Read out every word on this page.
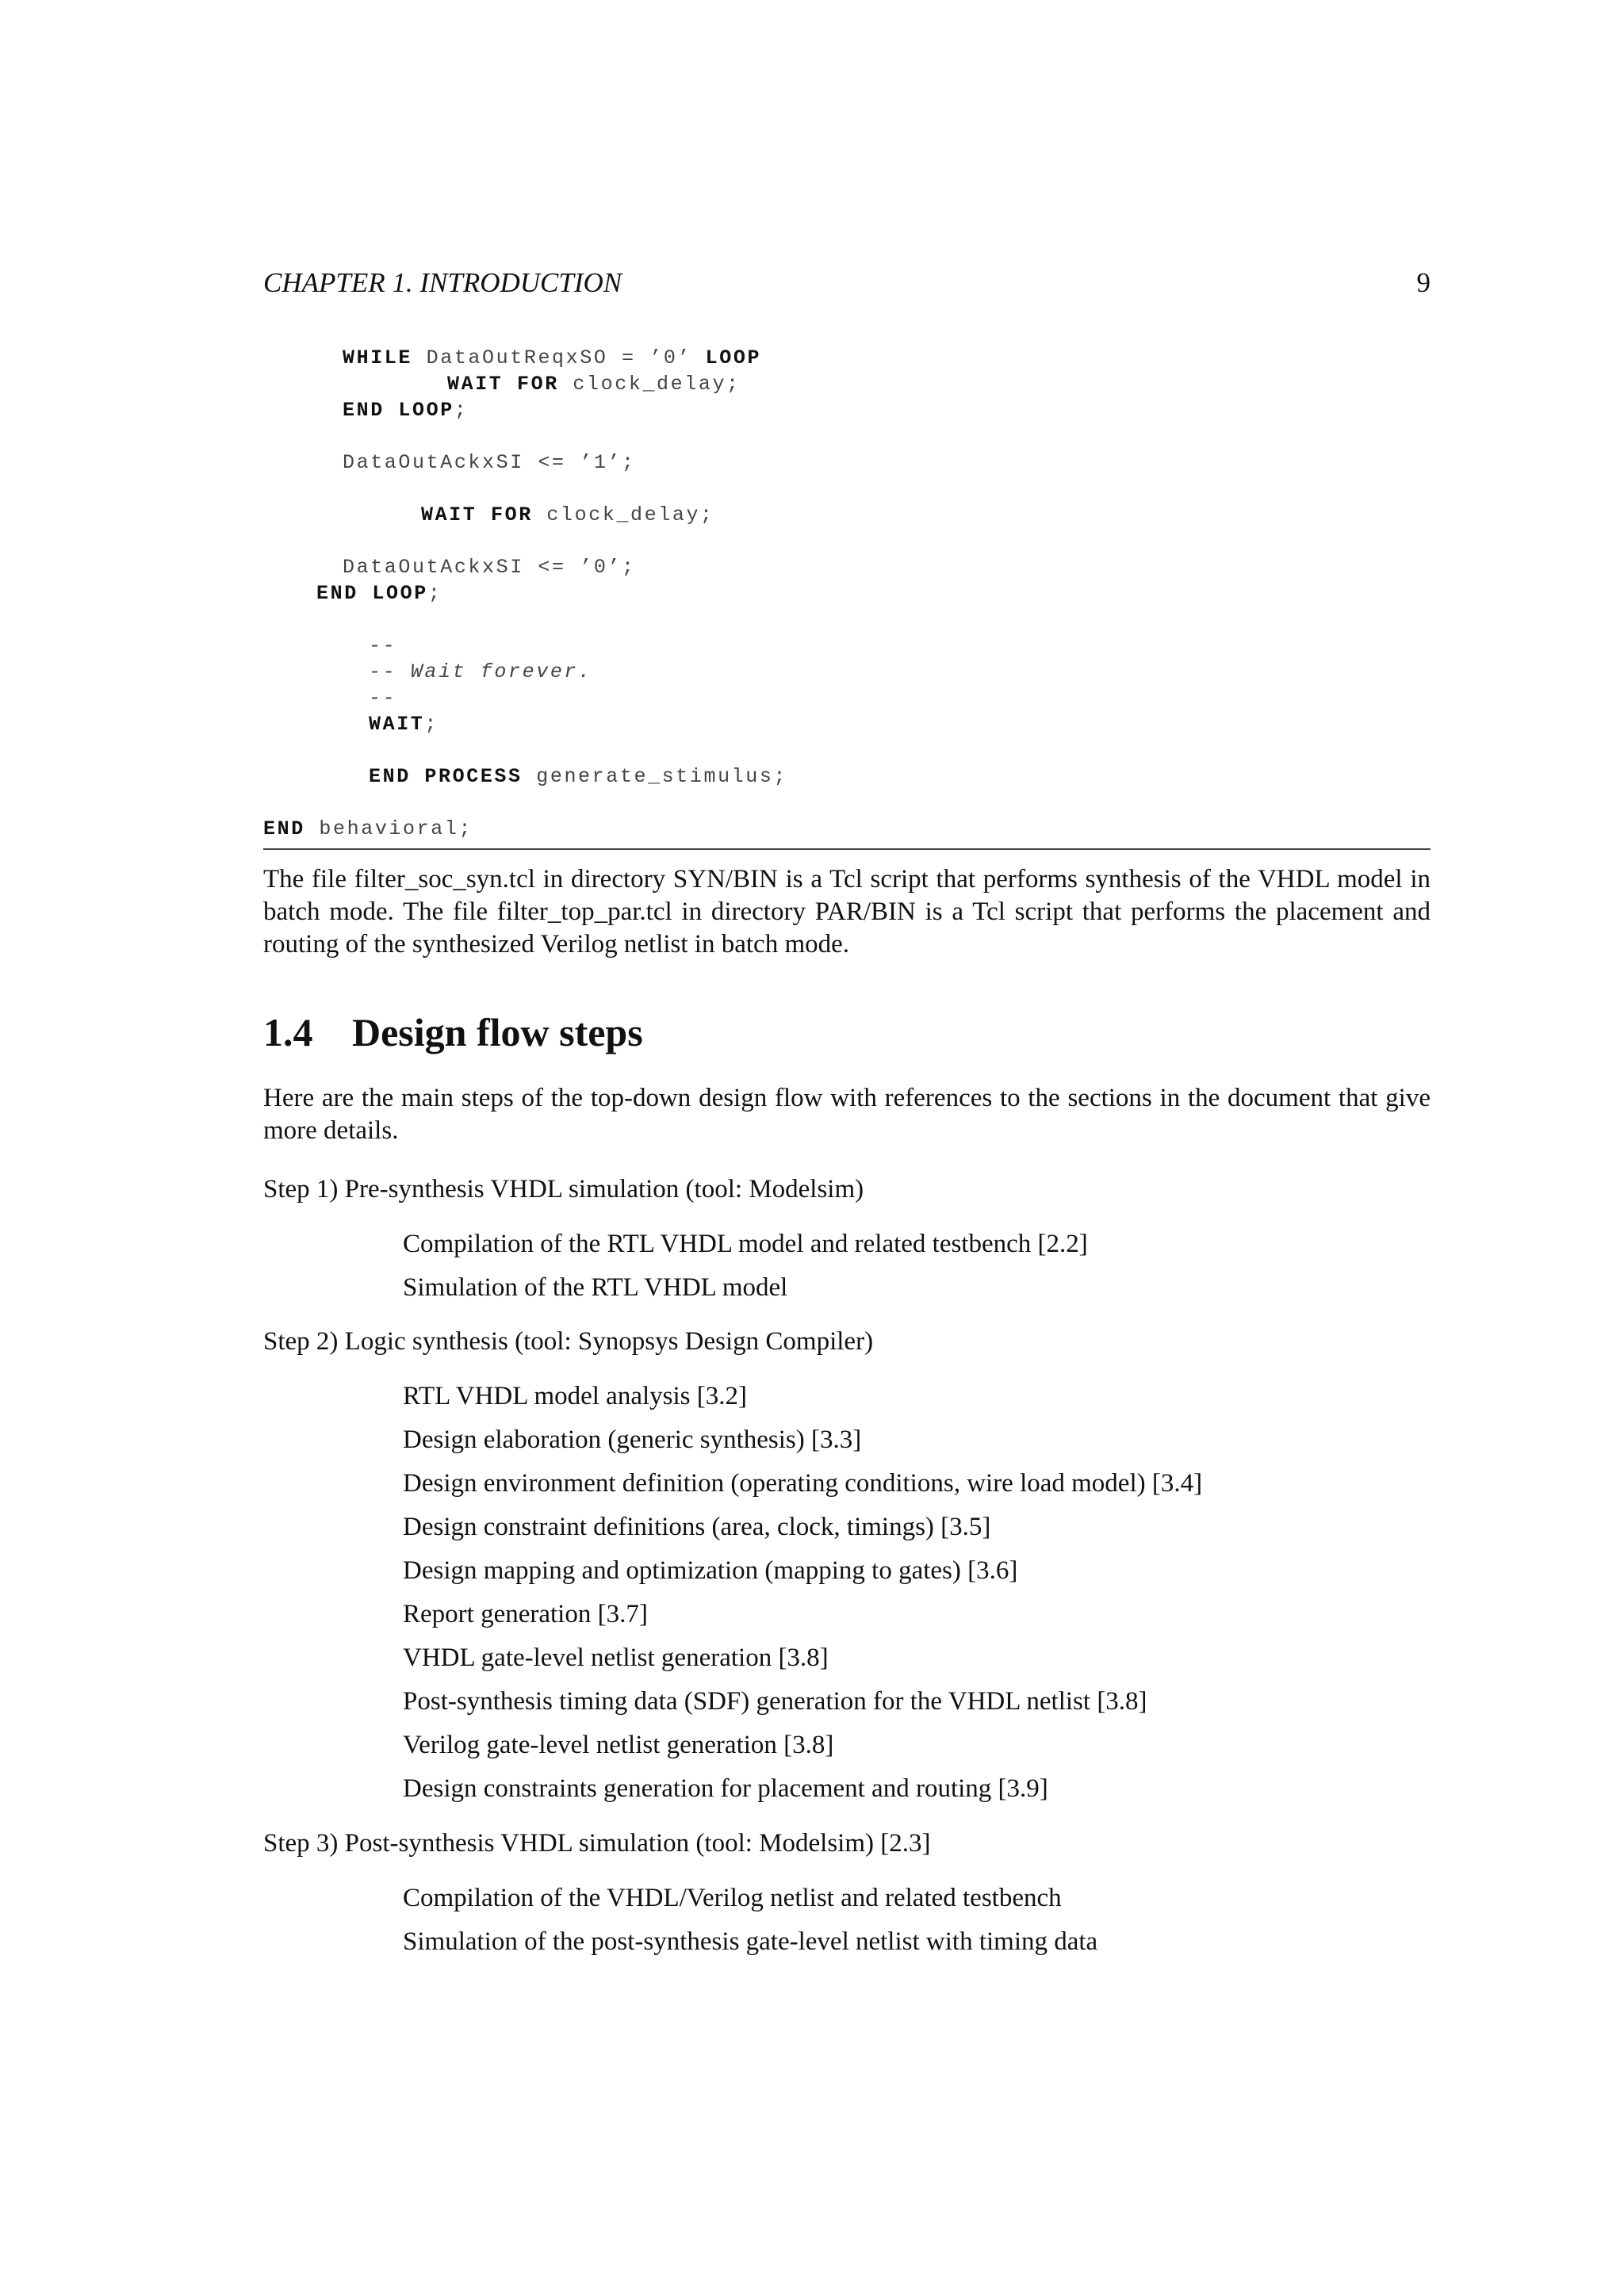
CHAPTER 1. INTRODUCTION	9
WHILE DataOutReqxSO = ’0’ LOOP
WAIT FOR clock_delay;
END LOOP;
DataOutAckxSI <= ’1’;
WAIT FOR clock_delay;
DataOutAckxSI <= ’0’;
END LOOP;
--
-- Wait forever.
--
WAIT;
END PROCESS generate_stimulus;
END behavioral;
The file filter_soc_syn.tcl in directory SYN/BIN is a Tcl script that performs synthesis of the VHDL model in batch mode. The file filter_top_par.tcl in directory PAR/BIN is a Tcl script that performs the placement and routing of the synthesized Verilog netlist in batch mode.
1.4 Design flow steps
Here are the main steps of the top-down design flow with references to the sections in the document that give more details.
Step 1) Pre-synthesis VHDL simulation (tool: Modelsim)
Compilation of the RTL VHDL model and related testbench [2.2]
Simulation of the RTL VHDL model
Step 2) Logic synthesis (tool: Synopsys Design Compiler)
RTL VHDL model analysis [3.2]
Design elaboration (generic synthesis) [3.3]
Design environment definition (operating conditions, wire load model) [3.4]
Design constraint definitions (area, clock, timings) [3.5]
Design mapping and optimization (mapping to gates) [3.6]
Report generation [3.7]
VHDL gate-level netlist generation [3.8]
Post-synthesis timing data (SDF) generation for the VHDL netlist [3.8]
Verilog gate-level netlist generation [3.8]
Design constraints generation for placement and routing [3.9]
Step 3) Post-synthesis VHDL simulation (tool: Modelsim) [2.3]
Compilation of the VHDL/Verilog netlist and related testbench
Simulation of the post-synthesis gate-level netlist with timing data
